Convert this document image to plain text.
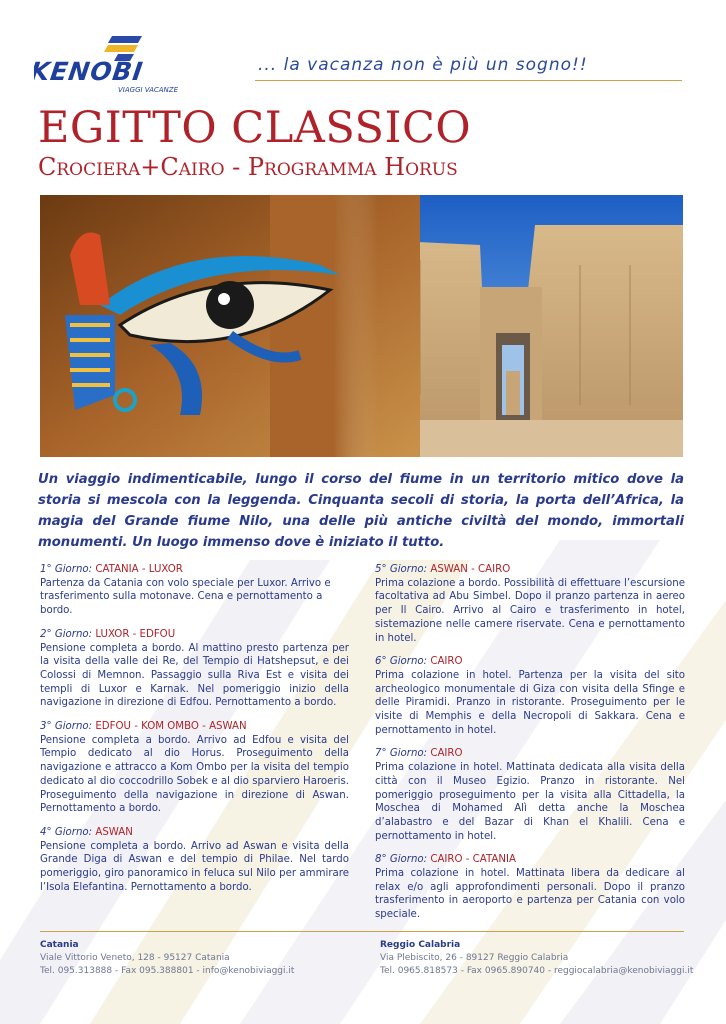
KENOBI
VIAGGI VACANZE
... la vacanza non è più un sogno!!
EGITTO CLASSICO
Crociera+Cairo - Programma Horus
Un viaggio indimenticabile, lungo il corso del fiume in un territorio mitico dove la storia si mescola con la leggenda. Cinquanta secoli di storia, la porta dell’Africa, la magia del Grande fiume Nilo, una delle più antiche civiltà del mondo, immortali monumenti. Un luogo immenso dove è iniziato il tutto.
1° Giorno: CATANIA - LUXOR
Partenza da Catania con volo speciale per Luxor. Arrivo e trasferimento sulla motonave. Cena e pernottamento a bordo.
2° Giorno: LUXOR - EDFOU
Pensione completa a bordo. Al mattino presto partenza per la visita della valle dei Re, del Tempio di Hatshepsut, e dei Colossi di Memnon. Passaggio sulla Riva Est e visita dei templi di Luxor e Karnak. Nel pomeriggio inizio della navigazione in direzione di Edfou. Pernottamento a bordo.
3° Giorno: EDFOU - KOM OMBO - ASWAN
Pensione completa a bordo. Arrivo ad Edfou e visita del Tempio dedicato al dio Horus. Proseguimento della navigazione e attracco a Kom Ombo per la visita del tempio dedicato al dio coccodrillo Sobek e al dio sparviero Haroeris. Proseguimento della navigazione in direzione di Aswan. Pernottamento a bordo.
4° Giorno: ASWAN
Pensione completa a bordo. Arrivo ad Aswan e visita della Grande Diga di Aswan e del tempio di Philae. Nel tardo pomeriggio, giro panoramico in feluca sul Nilo per ammirare l’Isola Elefantina. Pernottamento a bordo.
5° Giorno: ASWAN - CAIRO
Prima colazione a bordo. Possibilità di effettuare l’escursione facoltativa ad Abu Simbel. Dopo il pranzo partenza in aereo per Il Cairo. Arrivo al Cairo e trasferimento in hotel, sistemazione nelle camere riservate. Cena e pernottamento in hotel.
6° Giorno: CAIRO
Prima colazione in hotel. Partenza per la visita del sito archeologico monumentale di Giza con visita della Sfinge e delle Piramidi. Pranzo in ristorante. Proseguimento per le visite di Memphis e della Necropoli di Sakkara. Cena e pernottamento in hotel.
7° Giorno: CAIRO
Prima colazione in hotel. Mattinata dedicata alla visita della città con il Museo Egizio. Pranzo in ristorante. Nel pomeriggio proseguimento per la visita alla Cittadella, la Moschea di Mohamed Alì detta anche la Moschea d’alabastro e del Bazar di Khan el Khalili. Cena e pernottamento in hotel.
8° Giorno: CAIRO - CATANIA
Prima colazione in hotel. Mattinata libera da dedicare al relax e/o agli approfondimenti personali. Dopo il pranzo trasferimento in aeroporto e partenza per Catania con volo speciale.
Catania
Viale Vittorio Veneto, 128 - 95127 Catania
Tel. 095.313888 - Fax 095.388801 - info@kenobiviaggi.it
Reggio Calabria
Via Plebiscito, 26 - 89127 Reggio Calabria
Tel. 0965.818573 - Fax 0965.890740 - reggiocalabria@kenobiviaggi.it
